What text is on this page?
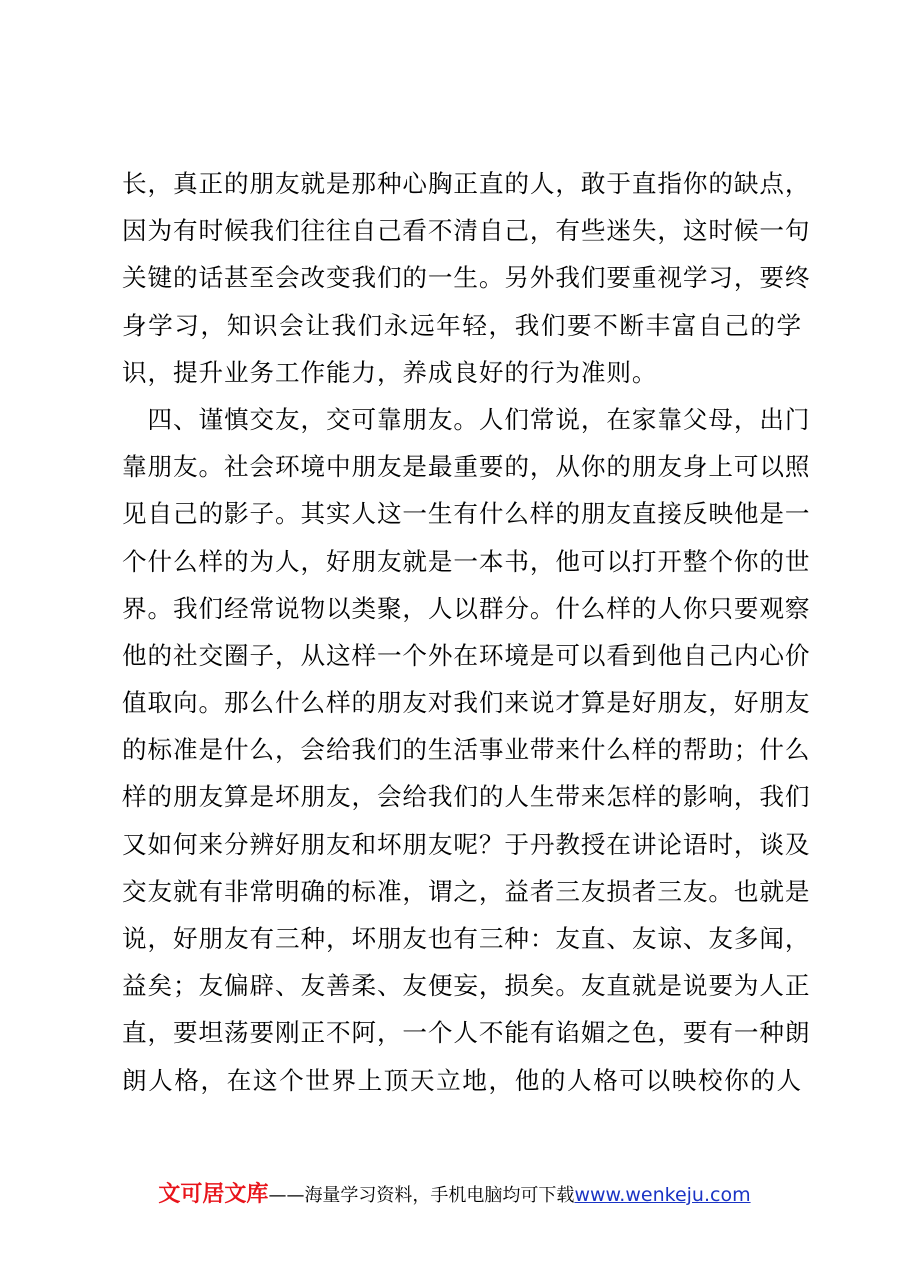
长，真正的朋友就是那种心胸正直的人，敢于直指你的缺点，
因为有时候我们往往自己看不清自己，有些迷失，这时候一句
关键的话甚至会改变我们的一生。另外我们要重视学习，要终
身学习，知识会让我们永远年轻，我们要不断丰富自己的学
识，提升业务工作能力，养成良好的行为准则。
　四、谨慎交友，交可靠朋友。人们常说，在家靠父母，出门
靠朋友。社会环境中朋友是最重要的，从你的朋友身上可以照
见自己的影子。其实人这一生有什么样的朋友直接反映他是一
个什么样的为人，好朋友就是一本书，他可以打开整个你的世
界。我们经常说物以类聚，人以群分。什么样的人你只要观察
他的社交圈子，从这样一个外在环境是可以看到他自己内心价
值取向。那么什么样的朋友对我们来说才算是好朋友，好朋友
的标准是什么，会给我们的生活事业带来什么样的帮助；什么
样的朋友算是坏朋友，会给我们的人生带来怎样的影响，我们
又如何来分辨好朋友和坏朋友呢？于丹教授在讲论语时，谈及
交友就有非常明确的标准，谓之，益者三友损者三友。也就是
说，好朋友有三种，坏朋友也有三种：友直、友谅、友多闻，
益矣；友偏辟、友善柔、友便妄，损矣。友直就是说要为人正
直，要坦荡要刚正不阿，一个人不能有谄媚之色，要有一种朗
朗人格，在这个世界上顶天立地，他的人格可以映校你的人
文可居文库——海量学习资料，手机电脑均可下载www.wenkeju.com
